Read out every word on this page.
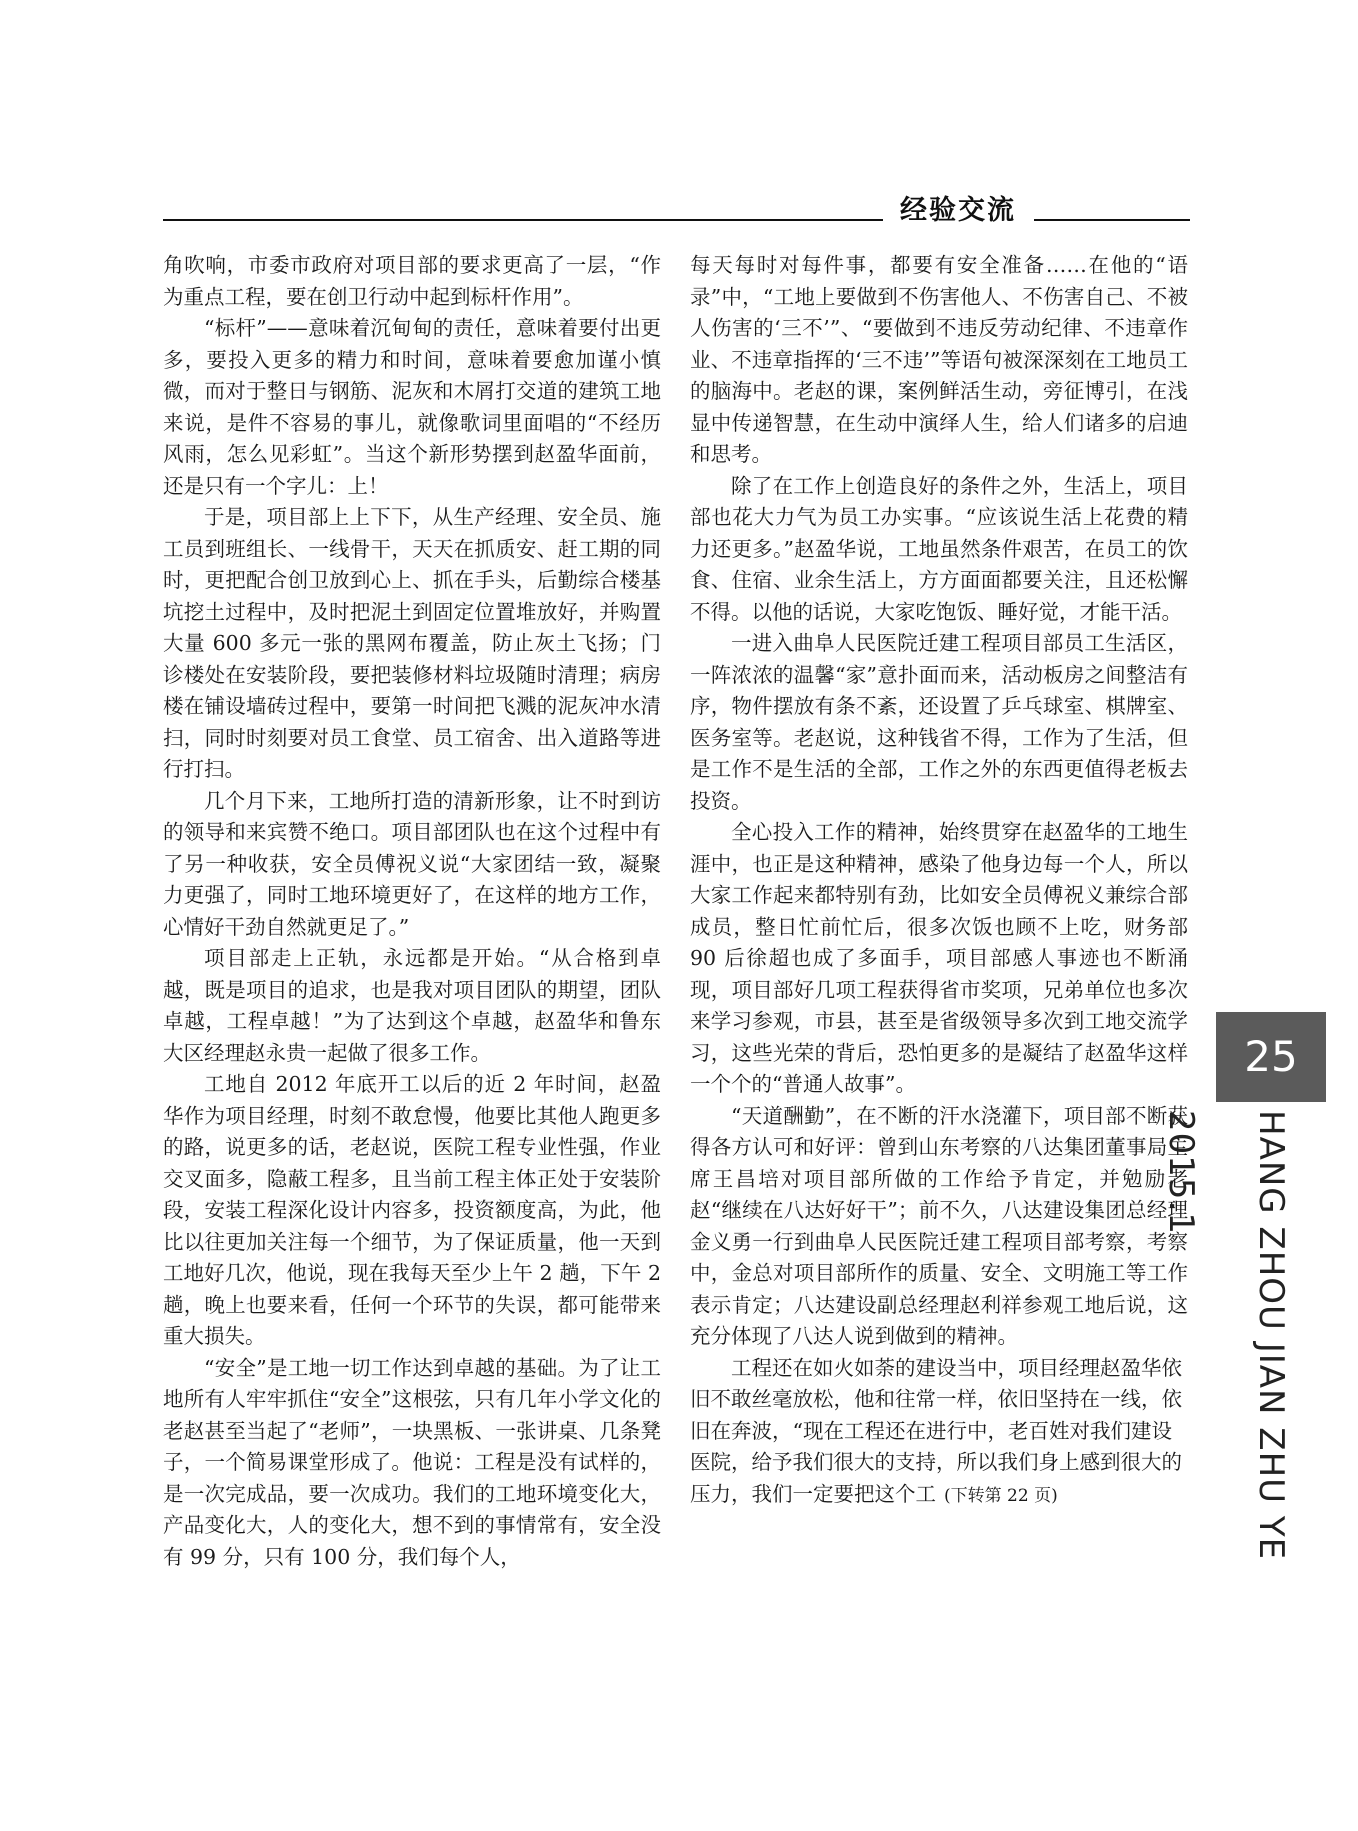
经验交流

角吹响，市委市政府对项目部的要求更高了一层，“作为重点工程，要在创卫行动中起到标杆作用”。

“标杆”——意味着沉甸甸的责任，意味着要付出更多，要投入更多的精力和时间，意味着要愈加谨小慎微，而对于整日与钢筋、泥灰和木屑打交道的建筑工地来说，是件不容易的事儿，就像歌词里面唱的“不经历风雨，怎么见彩虹”。当这个新形势摆到赵盈华面前，还是只有一个字儿：上！

于是，项目部上上下下，从生产经理、安全员、施工员到班组长、一线骨干，天天在抓质安、赶工期的同时，更把配合创卫放到心上、抓在手头，后勤综合楼基坑挖土过程中，及时把泥土到固定位置堆放好，并购置大量 600 多元一张的黑网布覆盖，防止灰土飞扬；门诊楼处在安装阶段，要把装修材料垃圾随时清理；病房楼在铺设墙砖过程中，要第一时间把飞溅的泥灰冲水清扫，同时时刻要对员工食堂、员工宿舍、出入道路等进行打扫。

几个月下来，工地所打造的清新形象，让不时到访的领导和来宾赞不绝口。项目部团队也在这个过程中有了另一种收获，安全员傅祝义说“大家团结一致，凝聚力更强了，同时工地环境更好了，在这样的地方工作，心情好干劲自然就更足了。”

项目部走上正轨，永远都是开始。“从合格到卓越，既是项目的追求，也是我对项目团队的期望，团队卓越，工程卓越！”为了达到这个卓越，赵盈华和鲁东大区经理赵永贵一起做了很多工作。

工地自 2012 年底开工以后的近 2 年时间，赵盈华作为项目经理，时刻不敢怠慢，他要比其他人跑更多的路，说更多的话，老赵说，医院工程专业性强，作业交叉面多，隐蔽工程多，且当前工程主体正处于安装阶段，安装工程深化设计内容多，投资额度高，为此，他比以往更加关注每一个细节，为了保证质量，他一天到工地好几次，他说，现在我每天至少上午 2 趟，下午 2 趟，晚上也要来看，任何一个环节的失误，都可能带来重大损失。

“安全”是工地一切工作达到卓越的基础。为了让工地所有人牢牢抓住“安全”这根弦，只有几年小学文化的老赵甚至当起了“老师”，一块黑板、一张讲桌、几条凳子，一个简易课堂形成了。他说：工程是没有试样的，是一次完成品，要一次成功。我们的工地环境变化大，产品变化大，人的变化大，想不到的事情常有，安全没有 99 分，只有 100 分，我们每个人，

每天每时对每件事，都要有安全准备……在他的“语录”中，“工地上要做到不伤害他人、不伤害自己、不被人伤害的‘三不’”、“要做到不违反劳动纪律、不违章作业、不违章指挥的‘三不违’”等语句被深深刻在工地员工的脑海中。老赵的课，案例鲜活生动，旁征博引，在浅显中传递智慧，在生动中演绎人生，给人们诸多的启迪和思考。

除了在工作上创造良好的条件之外，生活上，项目部也花大力气为员工办实事。“应该说生活上花费的精力还更多。”赵盈华说，工地虽然条件艰苦，在员工的饮食、住宿、业余生活上，方方面面都要关注，且还松懈不得。以他的话说，大家吃饱饭、睡好觉，才能干活。

一进入曲阜人民医院迁建工程项目部员工生活区，一阵浓浓的温馨“家”意扑面而来，活动板房之间整洁有序，物件摆放有条不紊，还设置了乒乓球室、棋牌室、医务室等。老赵说，这种钱省不得，工作为了生活，但是工作不是生活的全部，工作之外的东西更值得老板去投资。

全心投入工作的精神，始终贯穿在赵盈华的工地生涯中，也正是这种精神，感染了他身边每一个人，所以大家工作起来都特别有劲，比如安全员傅祝义兼综合部成员，整日忙前忙后，很多次饭也顾不上吃，财务部 90 后徐超也成了多面手，项目部感人事迹也不断涌现，项目部好几项工程获得省市奖项，兄弟单位也多次来学习参观，市县，甚至是省级领导多次到工地交流学习，这些光荣的背后，恐怕更多的是凝结了赵盈华这样一个个的“普通人故事”。

“天道酬勤”，在不断的汗水浇灌下，项目部不断获得各方认可和好评：曾到山东考察的八达集团董事局主席王昌培对项目部所做的工作给予肯定，并勉励老赵“继续在八达好好干”；前不久，八达建设集团总经理金义勇一行到曲阜人民医院迁建工程项目部考察，考察中，金总对项目部所作的质量、安全、文明施工等工作表示肯定；八达建设副总经理赵利祥参观工地后说，这充分体现了八达人说到做到的精神。

工程还在如火如荼的建设当中，项目经理赵盈华依旧不敢丝毫放松，他和往常一样，依旧坚持在一线，依旧在奔波，“现在工程还在进行中，老百姓对我们建设医院，给予我们很大的支持，所以我们身上感到很大的压力，我们一定要把这个工 (下转第 22 页)

25
HANG ZHOU JIAN ZHU YE 2015.1
